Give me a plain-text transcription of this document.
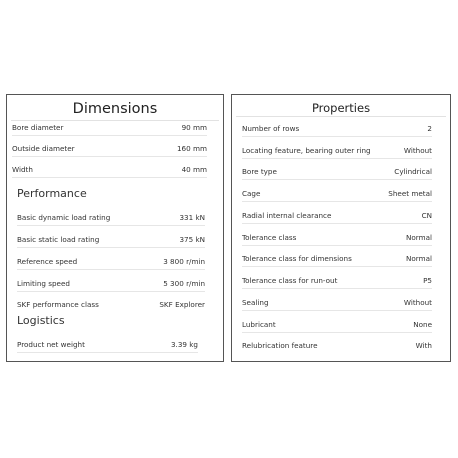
Dimensions
Bore diameter	90 mm
Outside diameter	160 mm
Width	40 mm
Performance
Basic dynamic load rating	331 kN
Basic static load rating	375 kN
Reference speed	3 800 r/min
Limiting speed	5 300 r/min
SKF performance class	SKF Explorer
Logistics
Product net weight	3.39 kg
Properties
Number of rows	2
Locating feature, bearing outer ring	Without
Bore type	Cylindrical
Cage	Sheet metal
Radial internal clearance	CN
Tolerance class	Normal
Tolerance class for dimensions	Normal
Tolerance class for run-out	P5
Sealing	Without
Lubricant	None
Relubrication feature	With
